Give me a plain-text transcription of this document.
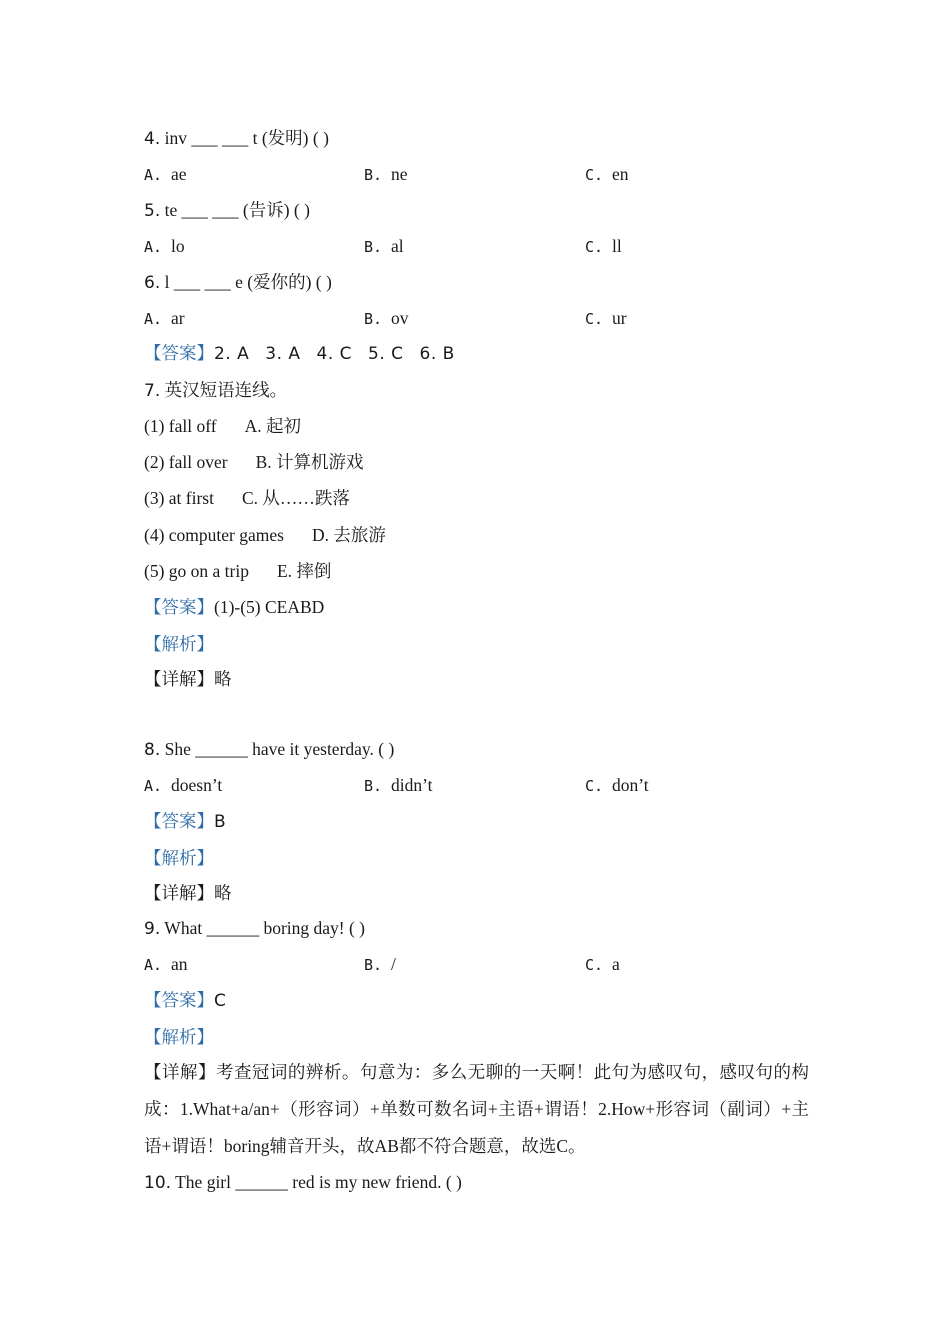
4. inv ___ ___ t (发明) ( )
A. ae	B. ne	C. en
5. te ___ ___ (告诉) ( )
A. lo	B. al	C. ll
6. l ___ ___ e (爱你的) ( )
A. ar	B. ov	C. ur
【答案】2. A 3. A 4. C 5. C 6. B
7. 英汉短语连线。
(1) fall off A. 起初
(2) fall over B. 计算机游戏
(3) at first C. 从……跌落
(4) computer games D. 去旅游
(5) go on a trip E. 摔倒
【答案】(1)-(5) CEABD
【解析】
【详解】略
8. She ______ have it yesterday. ( )
A. doesn’t	B. didn’t	C. don’t
【答案】B
【解析】
【详解】略
9. What ______ boring day! ( )
A. an	B. /	C. a
【答案】C
【解析】
【详解】考查冠词的辨析。句意为：多么无聊的一天啊！此句为感叹句，感叹句的构成：1.What+a/an+（形容词）+单数可数名词+主语+谓语！2.How+形容词（副词）+主语+谓语！boring辅音开头，故AB都不符合题意，故选C。
10. The girl ______ red is my new friend. ( )
